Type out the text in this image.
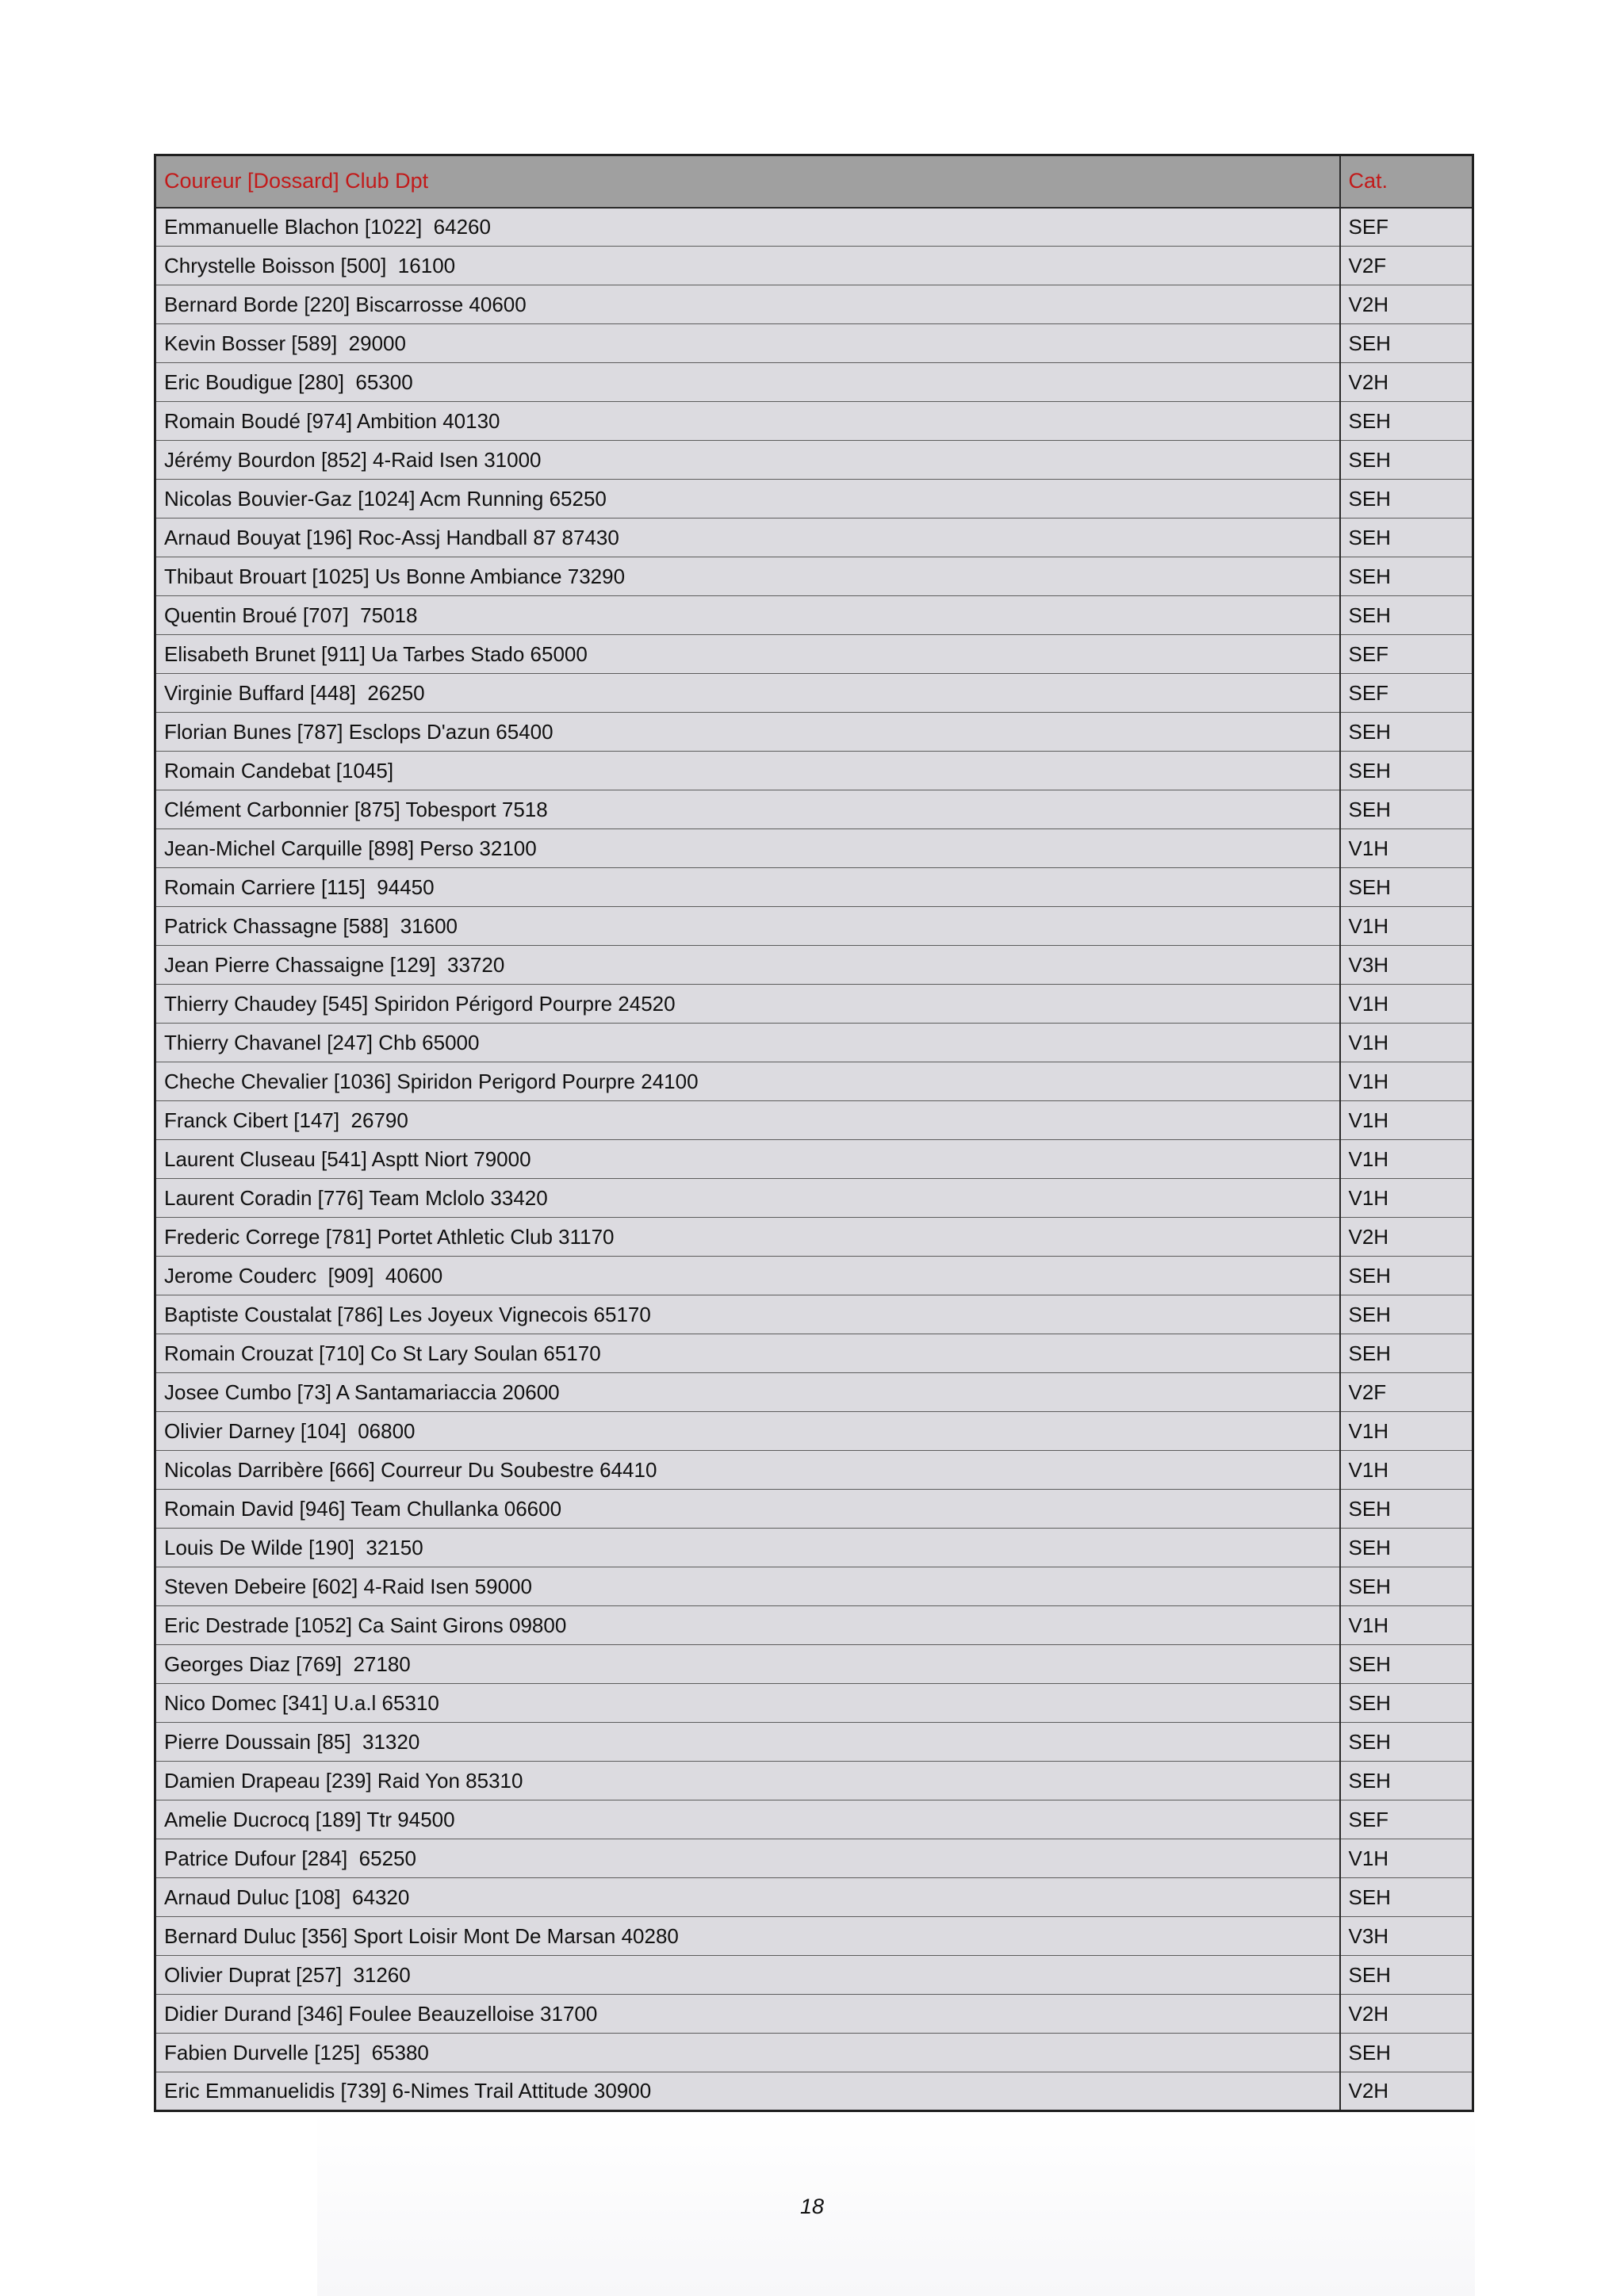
Coureur [Dossard] Club Dpt	Cat.
Emmanuelle Blachon [1022]  64260	SEF
Chrystelle Boisson [500]  16100	V2F
Bernard Borde [220] Biscarrosse 40600	V2H
Kevin Bosser [589]  29000	SEH
Eric Boudigue [280]  65300	V2H
Romain Boudé [974] Ambition 40130	SEH
Jérémy Bourdon [852] 4-Raid Isen 31000	SEH
Nicolas Bouvier-Gaz [1024] Acm Running 65250	SEH
Arnaud Bouyat [196] Roc-Assj Handball 87 87430	SEH
Thibaut Brouart [1025] Us Bonne Ambiance 73290	SEH
Quentin Broué [707]  75018	SEH
Elisabeth Brunet [911] Ua Tarbes Stado 65000	SEF
Virginie Buffard [448]  26250	SEF
Florian Bunes [787] Esclops D'azun 65400	SEH
Romain Candebat [1045]	SEH
Clément Carbonnier [875] Tobesport 7518	SEH
Jean-Michel Carquille [898] Perso 32100	V1H
Romain Carriere [115]  94450	SEH
Patrick Chassagne [588]  31600	V1H
Jean Pierre Chassaigne [129]  33720	V3H
Thierry Chaudey [545] Spiridon Périgord Pourpre 24520	V1H
Thierry Chavanel [247] Chb 65000	V1H
Cheche Chevalier [1036] Spiridon Perigord Pourpre 24100	V1H
Franck Cibert [147]  26790	V1H
Laurent Cluseau [541] Asptt Niort 79000	V1H
Laurent Coradin [776] Team Mclolo 33420	V1H
Frederic Correge [781] Portet Athletic Club 31170	V2H
Jerome Couderc  [909]  40600	SEH
Baptiste Coustalat [786] Les Joyeux Vignecois 65170	SEH
Romain Crouzat [710] Co St Lary Soulan 65170	SEH
Josee Cumbo [73] A Santamariaccia 20600	V2F
Olivier Darney [104]  06800	V1H
Nicolas Darribère [666] Courreur Du Soubestre 64410	V1H
Romain David [946] Team Chullanka 06600	SEH
Louis De Wilde [190]  32150	SEH
Steven Debeire [602] 4-Raid Isen 59000	SEH
Eric Destrade [1052] Ca Saint Girons 09800	V1H
Georges Diaz [769]  27180	SEH
Nico Domec [341] U.a.l 65310	SEH
Pierre Doussain [85]  31320	SEH
Damien Drapeau [239] Raid Yon 85310	SEH
Amelie Ducrocq [189] Ttr 94500	SEF
Patrice Dufour [284]  65250	V1H
Arnaud Duluc [108]  64320	SEH
Bernard Duluc [356] Sport Loisir Mont De Marsan 40280	V3H
Olivier Duprat [257]  31260	SEH
Didier Durand [346] Foulee Beauzelloise 31700	V2H
Fabien Durvelle [125]  65380	SEH
Eric Emmanuelidis [739] 6-Nimes Trail Attitude 30900	V2H
18
